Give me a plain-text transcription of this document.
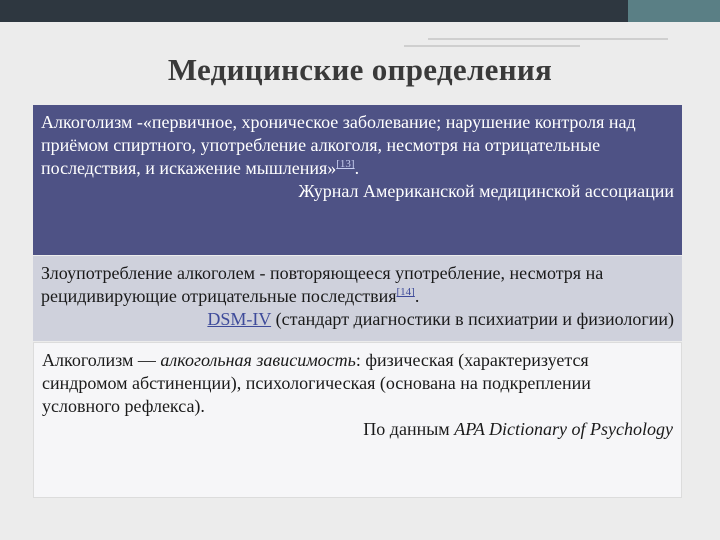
Медицинские определения
Алкоголизм -«первичное, хроническое заболевание; нарушение контроля над приёмом спиртного, употребление алкоголя, несмотря на отрицательные последствия, и искажение мышления»[13].
Журнал Американской медицинской ассоциации
Злоупотребление алкоголем - повторяющееся употребление, несмотря на рецидивирующие отрицательные последствия[14].
DSM-IV (стандарт диагностики в психиатрии и физиологии)
Алкоголизм — алкогольная зависимость: физическая (характеризуется синдромом абстиненции), психологическая (основана на подкреплении условного рефлекса).
По данным APA Dictionary of Psychology
